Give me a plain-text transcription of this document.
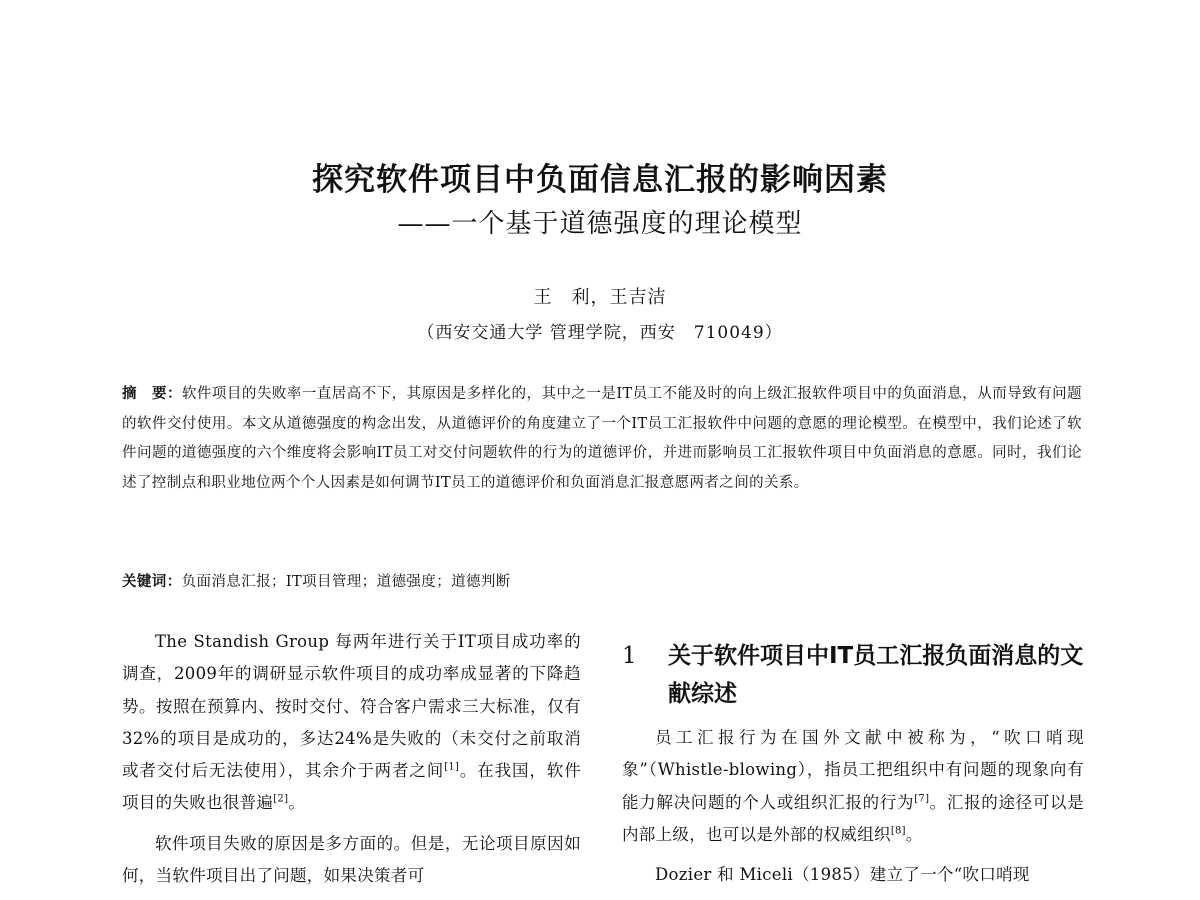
探究软件项目中负面信息汇报的影响因素
——一个基于道德强度的理论模型
王　利，王吉洁
（西安交通大学 管理学院，西安　710049）
摘　要：软件项目的失败率一直居高不下，其原因是多样化的，其中之一是IT员工不能及时的向上级汇报软件项目中的负面消息，从而导致有问题的软件交付使用。本文从道德强度的构念出发，从道德评价的角度建立了一个IT员工汇报软件中问题的意愿的理论模型。在模型中，我们论述了软件问题的道德强度的六个维度将会影响IT员工对交付问题软件的行为的道德评价，并进而影响员工汇报软件项目中负面消息的意愿。同时，我们论述了控制点和职业地位两个个人因素是如何调节IT员工的道德评价和负面消息汇报意愿两者之间的关系。
关键词：负面消息汇报；IT项目管理；道德强度；道德判断

The Standish Group 每两年进行关于IT项目成功率的调查，2009年的调研显示软件项目的成功率成显著的下降趋势。按照在预算内、按时交付、符合客户需求三大标准，仅有32%的项目是成功的，多达24%是失败的（未交付之前取消或者交付后无法使用），其余介于两者之间[1]。在我国，软件项目的失败也很普遍[2]。

软件项目失败的原因是多方面的。但是，无论项目原因如何，当软件项目出了问题，如果决策者可

1	关于软件项目中IT员工汇报负面消息的文献综述

员工汇报行为在国外文献中被称为，“吹口哨现象”（Whistle-blowing），指员工把组织中有问题的现象向有能力解决问题的个人或组织汇报的行为[7]。汇报的途径可以是内部上级，也可以是外部的权威组织[8]。

Dozier 和 Miceli（1985）建立了一个“吹口哨现
